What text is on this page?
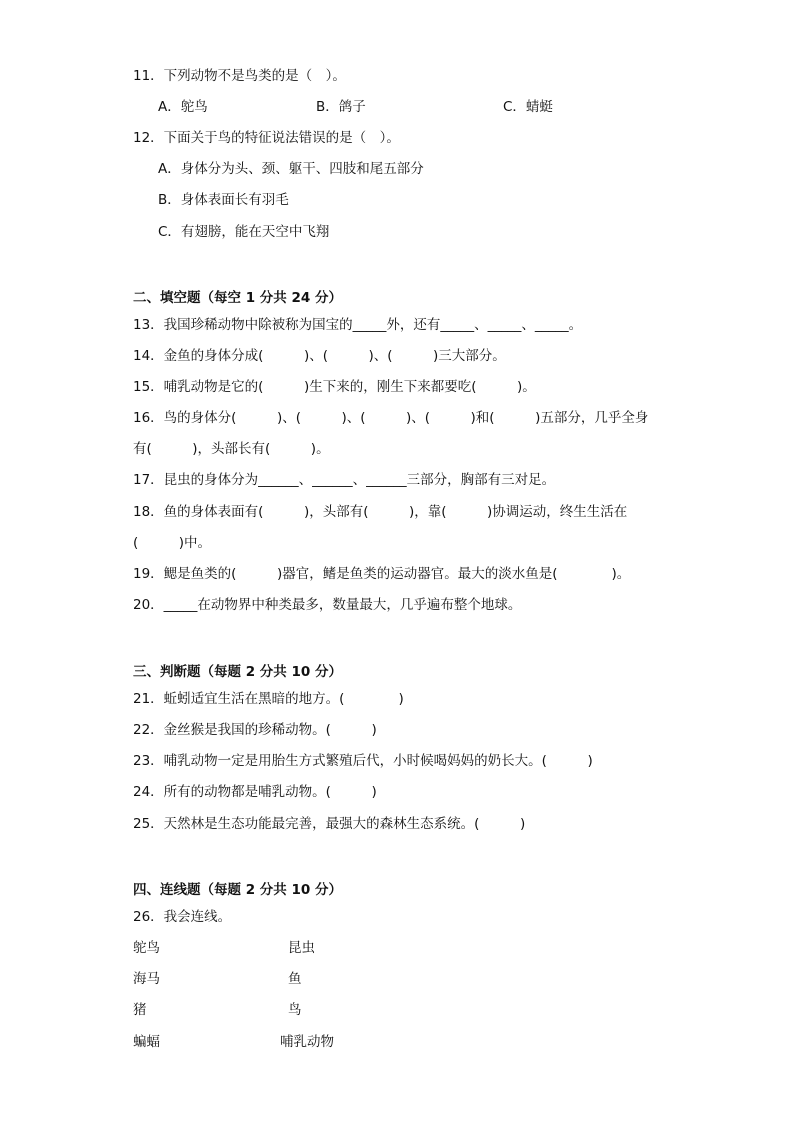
11．下列动物不是鸟类的是（　）。
A．鸵鸟	B．鸽子	C．蜻蜓
12．下面关于鸟的特征说法错误的是（　）。
A．身体分为头、颈、躯干、四肢和尾五部分
B．身体表面长有羽毛
C．有翅膀，能在天空中飞翔
二、填空题（每空 1 分共 24 分）
13．我国珍稀动物中除被称为国宝的_____外，还有_____、_____、_____。
14．金鱼的身体分成(　　　)、(　　　)、(　　　)三大部分。
15．哺乳动物是它的(　　　)生下来的，刚生下来都要吃(　　　)。
16．鸟的身体分(　　　)、(　　　)、(　　　)、(　　　)和(　　　)五部分，几乎全身
有(　　　)，头部长有(　　　)。
17．昆虫的身体分为______、______、______三部分，胸部有三对足。
18．鱼的身体表面有(　　　)，头部有(　　　)，靠(　　　)协调运动，终生生活在
(　　　)中。
19．鳃是鱼类的(　　　)器官，鳍是鱼类的运动器官。最大的淡水鱼是(　　　　)。
20．_____在动物界中种类最多，数量最大，几乎遍布整个地球。
三、判断题（每题 2 分共 10 分）
21．蚯蚓适宜生活在黑暗的地方。(　　　　)
22．金丝猴是我国的珍稀动物。(　　　)
23．哺乳动物一定是用胎生方式繁殖后代，小时候喝妈妈的奶长大。(　　　)
24．所有的动物都是哺乳动物。(　　　)
25．天然林是生态功能最完善，最强大的森林生态系统。(　　　)
四、连线题（每题 2 分共 10 分）
26．我会连线。
鸵鸟
海马
猪
蝙蝠
昆虫
鱼
鸟
哺乳动物
